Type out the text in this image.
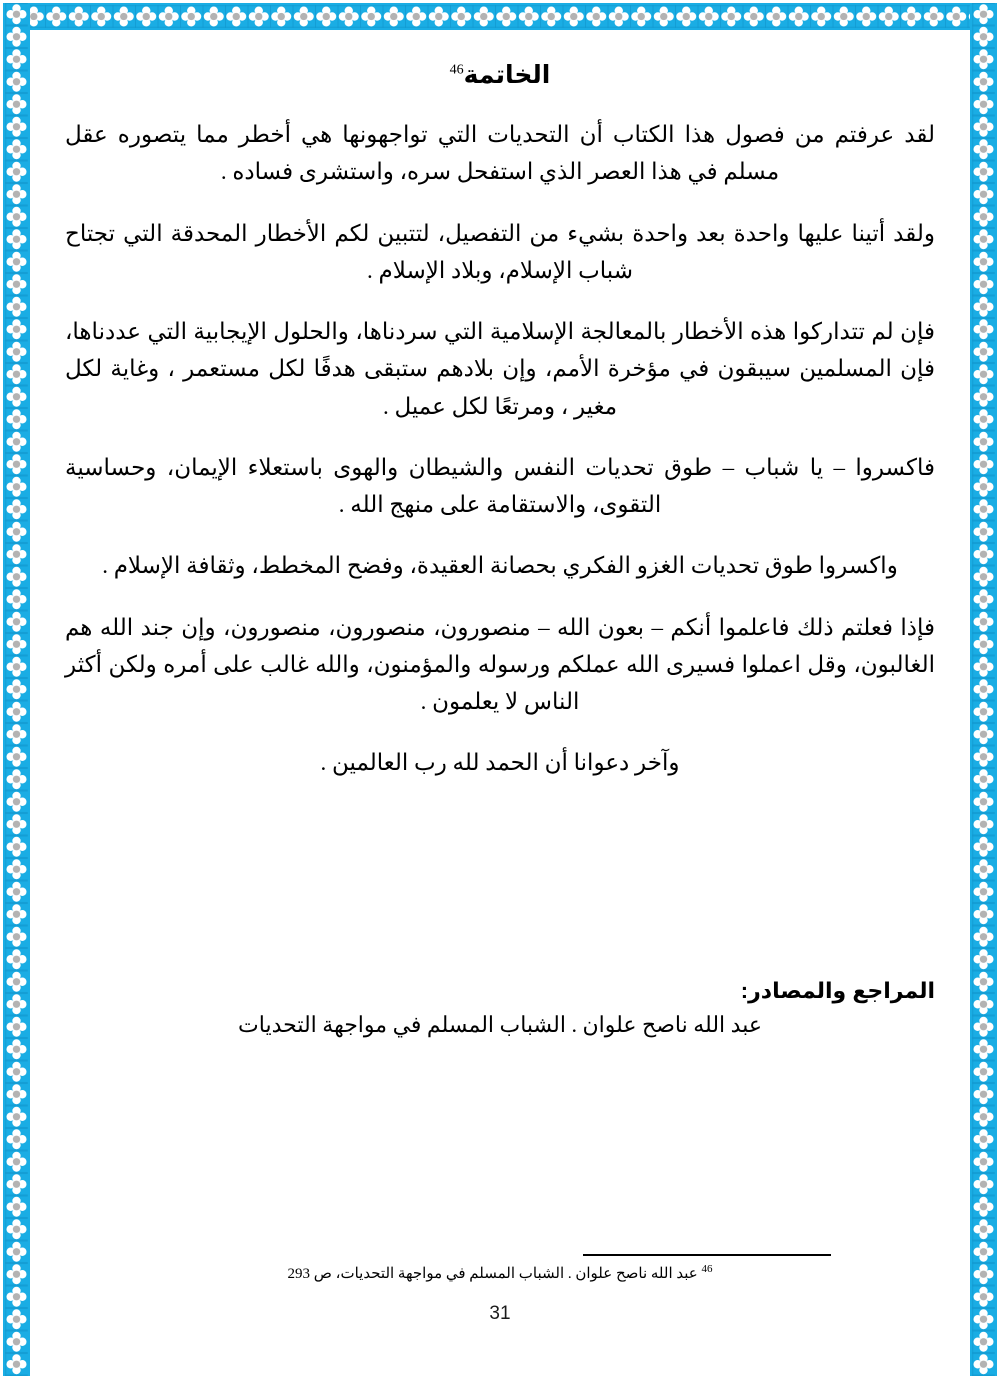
الخاتمة$^{46}$

لقد عرفتم من فصول هذا الكتاب أن التحديات التي تواجهونها هي أخطر مما يتصوره عقل مسلم في هذا العصر الذي استفحل سره، واستشرى فساده .

ولقد أتينا عليها واحدة بعد واحدة بشيء من التفصيل، لتتبين لكم الأخطار المحدقة التي تجتاح شباب الإسلام، وبلاد الإسلام .

فإن لم تتداركوا هذه الأخطار بالمعالجة الإسلامية التي سردناها، والحلول الإيجابية التي عددناها، فإن المسلمين سيبقون في مؤخرة الأمم، وإن بلادهم ستبقى هدفًا لكل مستعمر ، وغاية لكل مغير ، ومرتعًا لكل عميل .

فاكسروا – يا شباب – طوق تحديات النفس والشيطان والهوى باستعلاء الإيمان، وحساسية التقوى، والاستقامة على منهج الله .

واكسروا طوق تحديات الغزو الفكري بحصانة العقيدة، وفضح المخطط، وثقافة الإسلام .

فإذا فعلتم ذلك فاعلموا أنكم – بعون الله – منصورون، منصورون، منصورون، وإن جند الله هم الغالبون، وقل اعملوا فسيرى الله عملكم ورسوله والمؤمنون، والله غالب على أمره ولكن أكثر الناس لا يعلمون .

وآخر دعوانا أن الحمد لله رب العالمين .

المراجع والمصادر:
عبد الله ناصح علوان . الشباب المسلم في مواجهة التحديات
$^{46}$ عبد الله ناصح علوان . الشباب المسلم في مواجهة التحديات، ص 293
31
